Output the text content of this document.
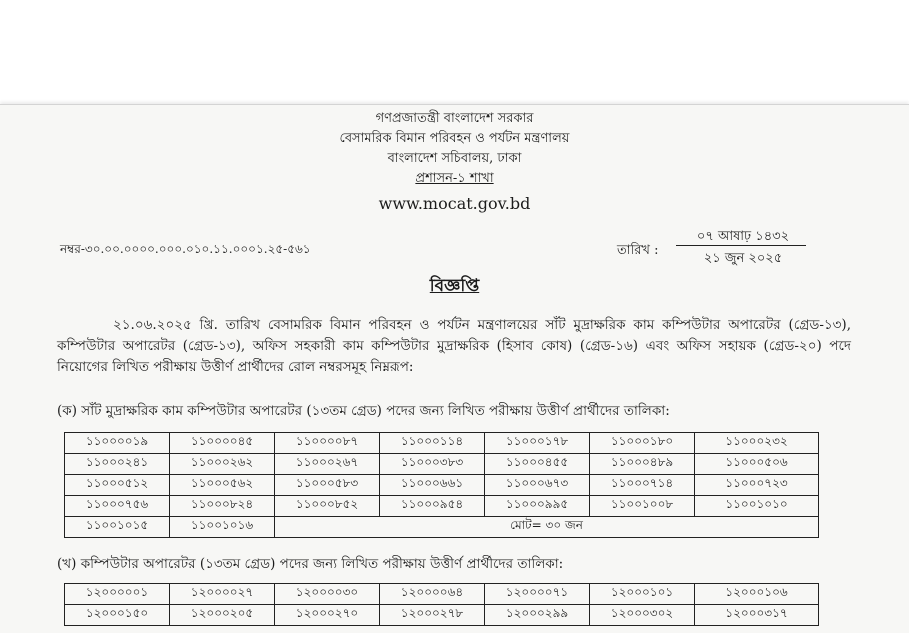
গণপ্রজাতন্ত্রী বাংলাদেশ সরকার
বেসামরিক বিমান পরিবহন ও পর্যটন মন্ত্রণালয়
বাংলাদেশ সচিবালয়, ঢাকা
প্রশাসন-১ শাখা
www.mocat.gov.bd
নম্বর-৩০.০০.০০০০.০০০.০১০.১১.০০০১.২৫-৫৬১	তারিখ :
০৭ আষাঢ় ১৪৩২
২১ জুন ২০২৫
বিজ্ঞপ্তি
২১.০৬.২০২৫ খ্রি. তারিখ বেসামরিক বিমান পরিবহন ও পর্যটন মন্ত্রণালয়ের সাঁট মুদ্রাক্ষরিক কাম কম্পিউটার অপারেটর (গ্রেড-১৩), কম্পিউটার অপারেটর (গ্রেড-১৩), অফিস সহকারী কাম কম্পিউটার মুদ্রাক্ষরিক (হিসাব কোষ) (গ্রেড-১৬) এবং অফিস সহায়ক (গ্রেড-২০) পদে নিয়োগের লিখিত পরীক্ষায় উত্তীর্ণ প্রার্থীদের রোল নম্বরসমূহ নিম্নরূপ:
(ক) সাঁট মুদ্রাক্ষরিক কাম কম্পিউটার অপারেটর (১৩তম গ্রেড) পদের জন্য লিখিত পরীক্ষায় উত্তীর্ণ প্রার্থীদের তালিকা:
১১০০০০১৯	১১০০০০৪৫	১১০০০০৮৭	১১০০০১১৪	১১০০০১৭৮	১১০০০১৮০	১১০০০২৩২
১১০০০২৪১	১১০০০২৬২	১১০০০২৬৭	১১০০০৩৮৩	১১০০০৪৫৫	১১০০০৪৮৯	১১০০০৫০৬
১১০০০৫১২	১১০০০৫৬২	১১০০০৫৮৩	১১০০০৬৬১	১১০০০৬৭৩	১১০০০৭১৪	১১০০০৭২৩
১১০০০৭৫৬	১১০০০৮২৪	১১০০০৮৫২	১১০০০৯৫৪	১১০০০৯৯৫	১১০০১০০৮	১১০০১০১০
১১০০১০১৫	১১০০১০১৬	মোট= ৩০ জন				
(খ) কম্পিউটার অপারেটর (১৩তম গ্রেড) পদের জন্য লিখিত পরীক্ষায় উত্তীর্ণ প্রার্থীদের তালিকা:
১২০০০০০১	১২০০০০২৭	১২০০০০৩০	১২০০০০৬৪	১২০০০০৭১	১২০০০১০১	১২০০০১০৬
১২০০০১৫০	১২০০০২০৫	১২০০০২৭০	১২০০০২৭৮	১২০০০২৯৯	১২০০০৩০২	১২০০০৩১৭
